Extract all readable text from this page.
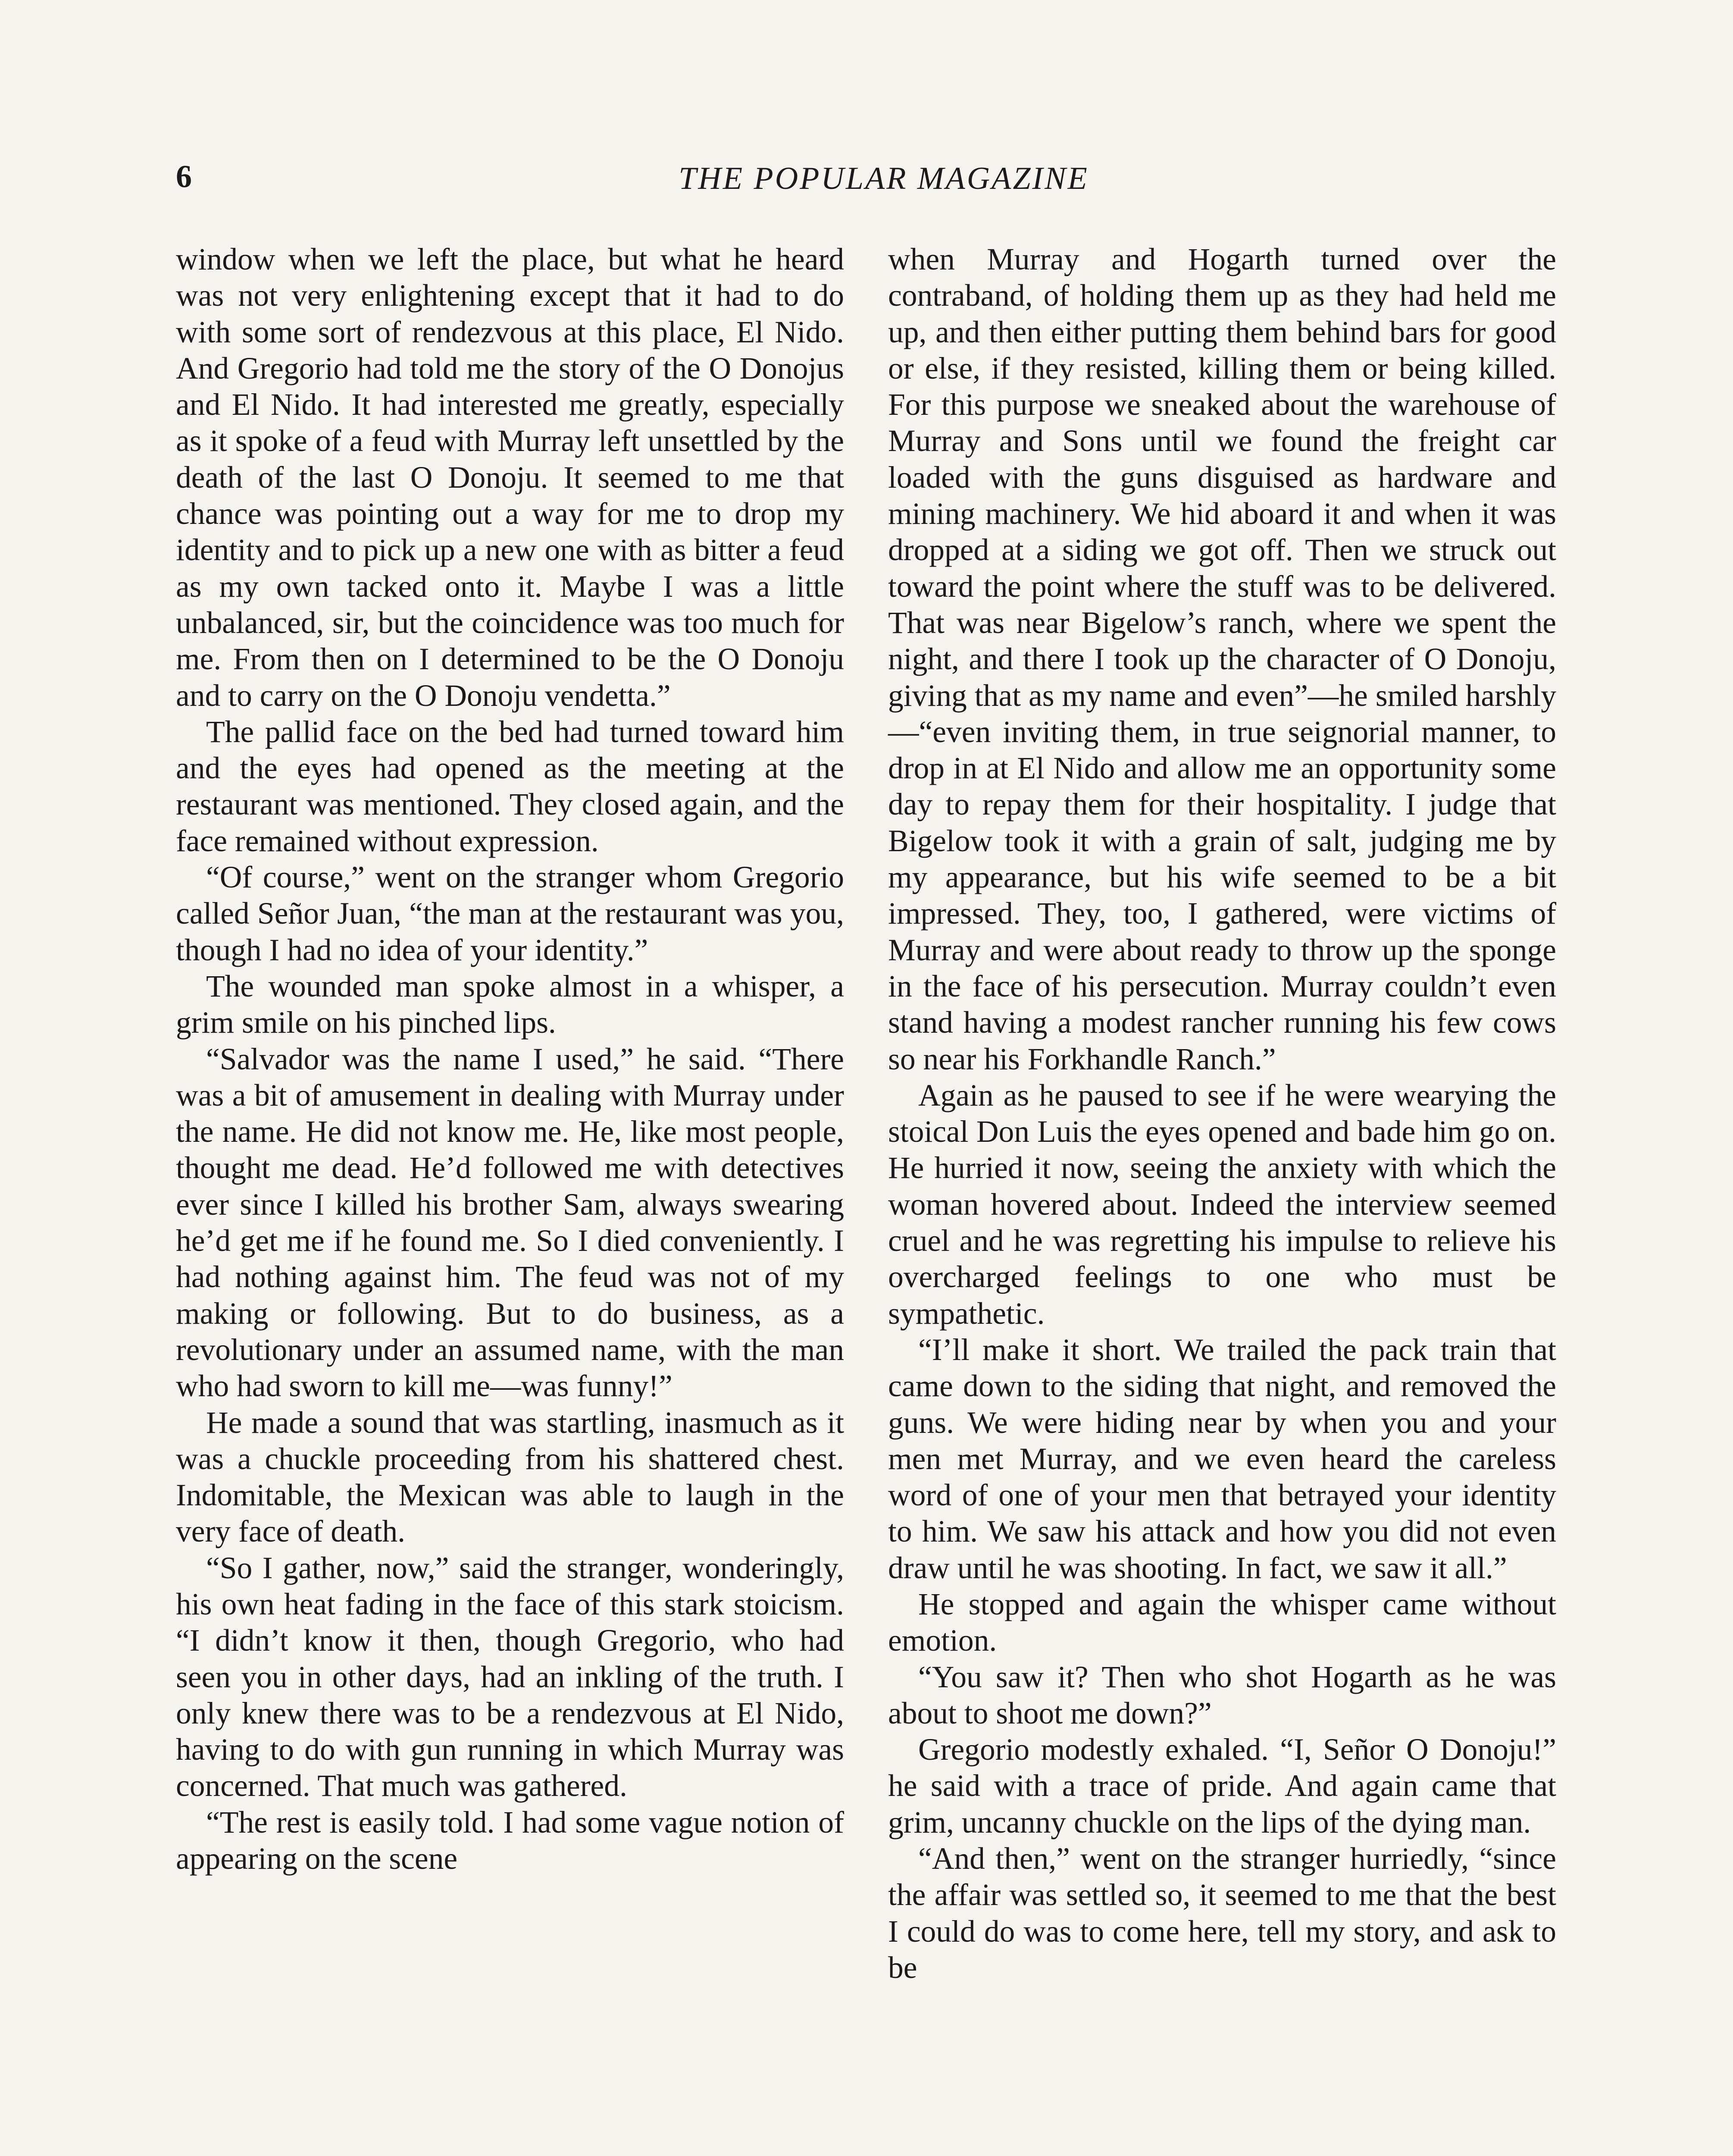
6	THE POPULAR MAGAZINE

window when we left the place, but what he heard was not very enlightening except that it had to do with some sort of rendezvous at this place, El Nido. And Gregorio had told me the story of the O Donojus and El Nido. It had interested me greatly, especially as it spoke of a feud with Murray left unsettled by the death of the last O Donoju. It seemed to me that chance was pointing out a way for me to drop my identity and to pick up a new one with as bitter a feud as my own tacked onto it. Maybe I was a little unbalanced, sir, but the coincidence was too much for me. From then on I determined to be the O Donoju and to carry on the O Donoju vendetta.”

The pallid face on the bed had turned toward him and the eyes had opened as the meeting at the restaurant was mentioned. They closed again, and the face remained without expression.

“Of course,” went on the stranger whom Gregorio called Señor Juan, “the man at the restaurant was you, though I had no idea of your identity.”

The wounded man spoke almost in a whisper, a grim smile on his pinched lips.

“Salvador was the name I used,” he said. “There was a bit of amusement in dealing with Murray under the name. He did not know me. He, like most people, thought me dead. He’d followed me with detectives ever since I killed his brother Sam, always swearing he’d get me if he found me. So I died conveniently. I had nothing against him. The feud was not of my making or following. But to do business, as a revolutionary under an assumed name, with the man who had sworn to kill me—was funny!”

He made a sound that was startling, inasmuch as it was a chuckle proceeding from his shattered chest. Indomitable, the Mexican was able to laugh in the very face of death.

“So I gather, now,” said the stranger, wonderingly, his own heat fading in the face of this stark stoicism. “I didn’t know it then, though Gregorio, who had seen you in other days, had an inkling of the truth. I only knew there was to be a rendezvous at El Nido, having to do with gun running in which Murray was concerned. That much was gathered.

“The rest is easily told. I had some vague notion of appearing on the scene

when Murray and Hogarth turned over the contraband, of holding them up as they had held me up, and then either putting them behind bars for good or else, if they resisted, killing them or being killed. For this purpose we sneaked about the warehouse of Murray and Sons until we found the freight car loaded with the guns disguised as hardware and mining machinery. We hid aboard it and when it was dropped at a siding we got off. Then we struck out toward the point where the stuff was to be delivered. That was near Bigelow’s ranch, where we spent the night, and there I took up the character of O Donoju, giving that as my name and even”—he smiled harshly—“even inviting them, in true seignorial manner, to drop in at El Nido and allow me an opportunity some day to repay them for their hospitality. I judge that Bigelow took it with a grain of salt, judging me by my appearance, but his wife seemed to be a bit impressed. They, too, I gathered, were victims of Murray and were about ready to throw up the sponge in the face of his persecution. Murray couldn’t even stand having a modest rancher running his few cows so near his Forkhandle Ranch.”

Again as he paused to see if he were wearying the stoical Don Luis the eyes opened and bade him go on. He hurried it now, seeing the anxiety with which the woman hovered about. Indeed the interview seemed cruel and he was regretting his impulse to relieve his overcharged feelings to one who must be sympathetic.

“I’ll make it short. We trailed the pack train that came down to the siding that night, and removed the guns. We were hiding near by when you and your men met Murray, and we even heard the careless word of one of your men that betrayed your identity to him. We saw his attack and how you did not even draw until he was shooting. In fact, we saw it all.”

He stopped and again the whisper came without emotion.

“You saw it? Then who shot Hogarth as he was about to shoot me down?”

Gregorio modestly exhaled. “I, Señor O Donoju!” he said with a trace of pride. And again came that grim, uncanny chuckle on the lips of the dying man.

“And then,” went on the stranger hurriedly, “since the affair was settled so, it seemed to me that the best I could do was to come here, tell my story, and ask to be
